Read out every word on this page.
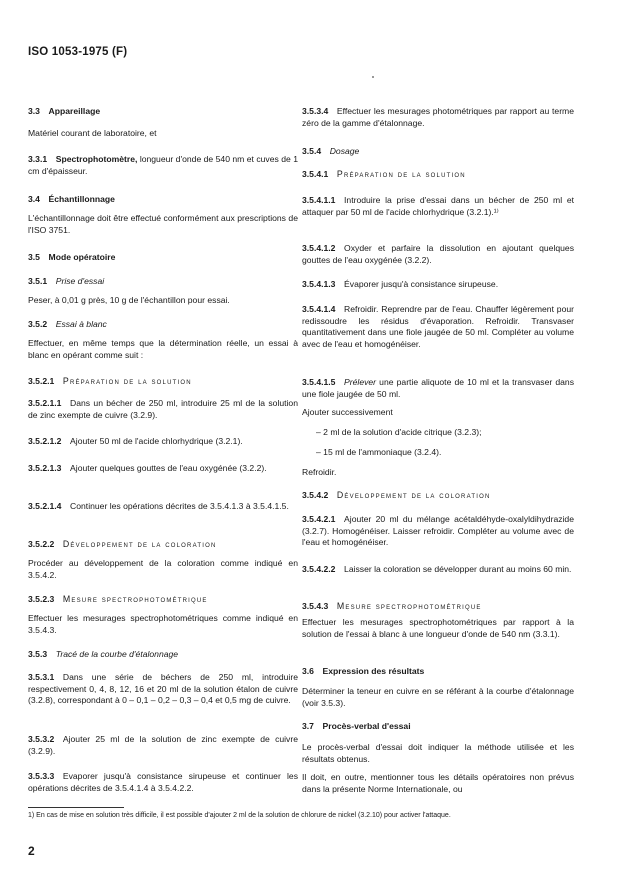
ISO 1053-1975 (F)

3.3  Appareillage

Matériel courant de laboratoire, et

3.3.1  Spectrophotomètre, longueur d'onde de 540 nm et cuves de 1 cm d'épaisseur.

3.4  Échantillonnage

L'échantillonnage doit être effectué conformément aux prescriptions de l'ISO 3751.

3.5  Mode opératoire

3.5.1  Prise d'essai

Peser, à 0,01 g près, 10 g de l'échantillon pour essai.

3.5.2  Essai à blanc

Effectuer, en même temps que la détermination réelle, un essai à blanc en opérant comme suit :

3.5.2.1  Préparation de la solution

3.5.2.1.1  Dans un bécher de 250 ml, introduire 25 ml de la solution de zinc exempte de cuivre (3.2.9).

3.5.2.1.2  Ajouter 50 ml de l'acide chlorhydrique (3.2.1).

3.5.2.1.3  Ajouter quelques gouttes de l'eau oxygénée (3.2.2).

3.5.2.1.4  Continuer les opérations décrites de 3.5.4.1.3 à 3.5.4.1.5.

3.5.2.2  Développement de la coloration

Procéder au développement de la coloration comme indiqué en 3.5.4.2.

3.5.2.3  Mesure spectrophotométrique

Effectuer les mesurages spectrophotométriques comme indiqué en 3.5.4.3.

3.5.3  Tracé de la courbe d'étalonnage

3.5.3.1  Dans une série de béchers de 250 ml, introduire respectivement 0, 4, 8, 12, 16 et 20 ml de la solution étalon de cuivre (3.2.8), correspondant à 0 – 0,1 – 0,2 – 0,3 – 0,4 et 0,5 mg de cuivre.

3.5.3.2  Ajouter 25 ml de la solution de zinc exempte de cuivre (3.2.9).

3.5.3.3  Evaporer jusqu'à consistance sirupeuse et continuer les opérations décrites de 3.5.4.1.4 à 3.5.4.2.2.

3.5.3.4  Effectuer les mesurages photométriques par rapport au terme zéro de la gamme d'étalonnage.

3.5.4  Dosage

3.5.4.1  Préparation de la solution

3.5.4.1.1  Introduire la prise d'essai dans un bécher de 250 ml et attaquer par 50 ml de l'acide chlorhydrique (3.2.1).¹⁾

3.5.4.1.2  Oxyder et parfaire la dissolution en ajoutant quelques gouttes de l'eau oxygénée (3.2.2).

3.5.4.1.3  Évaporer jusqu'à consistance sirupeuse.

3.5.4.1.4  Refroidir. Reprendre par de l'eau. Chauffer légèrement pour redissoudre les résidus d'évaporation. Refroidir. Transvaser quantitativement dans une fiole jaugée de 50 ml. Compléter au volume avec de l'eau et homogénéiser.

3.5.4.1.5  Prélever une partie aliquote de 10 ml et la transvaser dans une fiole jaugée de 50 ml.

Ajouter successivement

– 2 ml de la solution d'acide citrique (3.2.3);

– 15 ml de l'ammoniaque (3.2.4).

Refroidir.

3.5.4.2  Développement de la coloration

3.5.4.2.1  Ajouter 20 ml du mélange acétaldéhyde-oxalyldihydrazide (3.2.7). Homogénéiser. Laisser refroidir. Compléter au volume avec de l'eau et homogénéiser.

3.5.4.2.2  Laisser la coloration se développer durant au moins 60 min.

3.5.4.3  Mesure spectrophotométrique

Effectuer les mesurages spectrophotométriques par rapport à la solution de l'essai à blanc à une longueur d'onde de 540 nm (3.3.1).

3.6  Expression des résultats

Déterminer la teneur en cuivre en se référant à la courbe d'étalonnage (voir 3.5.3).

3.7  Procès-verbal d'essai

Le procès-verbal d'essai doit indiquer la méthode utilisée et les résultats obtenus.

Il doit, en outre, mentionner tous les détails opératoires non prévus dans la présente Norme Internationale, ou

1) En cas de mise en solution très difficile, il est possible d'ajouter 2 ml de la solution de chlorure de nickel (3.2.10) pour activer l'attaque.
2
